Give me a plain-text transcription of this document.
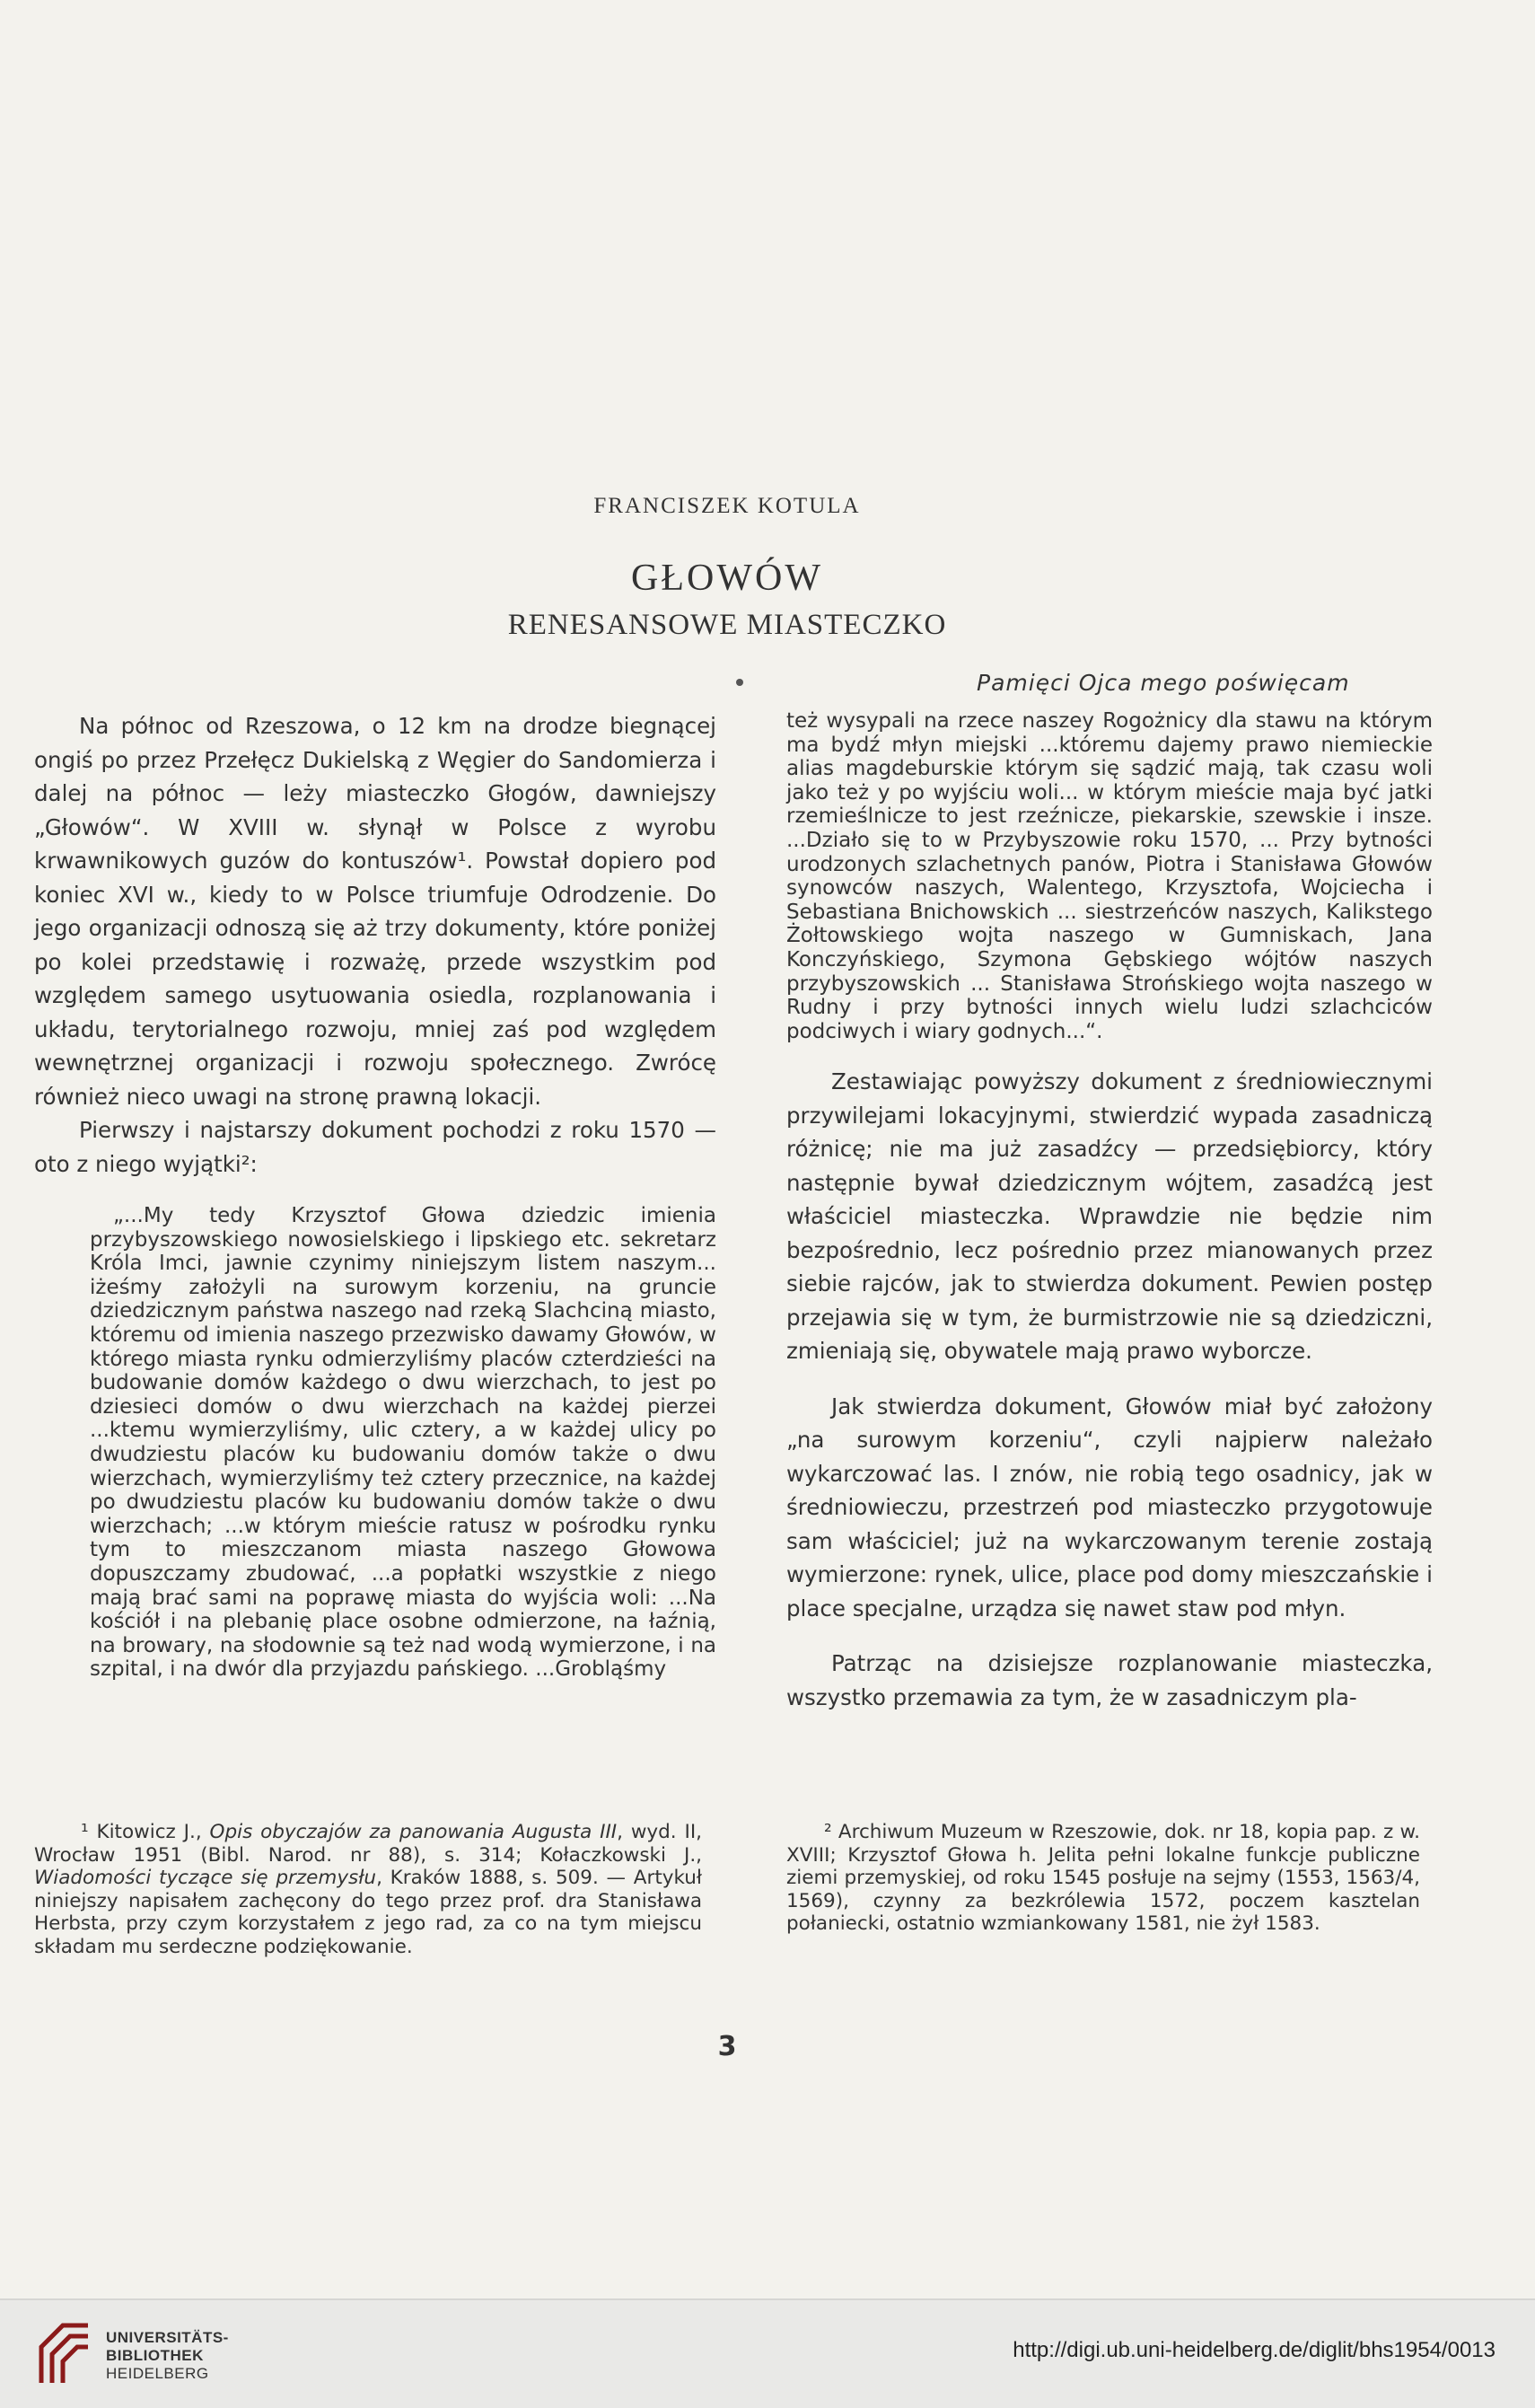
FRANCISZEK KOTULA
GŁOWÓW
RENESANSOWE MIASTECZKO
Pamięci Ojca mego poświęcam

Na północ od Rzeszowa, o 12 km na drodze biegnącej ongiś po przez Przełęcz Dukielską z Węgier do Sandomierza i dalej na północ — leży miasteczko Głogów, dawniejszy „Głowów“. W XVIII w. słynął w Polsce z wyrobu krwawnikowych guzów do kontuszów¹. Powstał dopiero pod koniec XVI w., kiedy to w Polsce triumfuje Odrodzenie. Do jego organizacji odnoszą się aż trzy dokumenty, które poniżej po kolei przedstawię i rozważę, przede wszystkim pod względem samego usytuowania osiedla, rozplanowania i układu, terytorialnego rozwoju, mniej zaś pod względem wewnętrznej organizacji i rozwoju społecznego. Zwrócę również nieco uwagi na stronę prawną lokacji.

Pierwszy i najstarszy dokument pochodzi z roku 1570 — oto z niego wyjątki²:

„...My tedy Krzysztof Głowa dziedzic imienia przybyszowskiego nowosielskiego i lipskiego etc. sekretarz Króla Imci, jawnie czynimy niniejszym listem naszym... iżeśmy założyli na surowym korzeniu, na gruncie dziedzicznym państwa naszego nad rzeką Slachciną miasto, któremu od imienia naszego przezwisko dawamy Głowów, w którego miasta rynku odmierzyliśmy placów czterdzieści na budowanie domów każdego o dwu wierzchach, to jest po dziesieci domów o dwu wierzchach na każdej pierzei ...ktemu wymierzyliśmy, ulic cztery, a w każdej ulicy po dwudziestu placów ku budowaniu domów także o dwu wierzchach, wymierzyliśmy też cztery przecznice, na każdej po dwudziestu placów ku budowaniu domów także o dwu wierzchach; ...w którym mieście ratusz w pośrodku rynku tym to mieszczanom miasta naszego Głowowa dopuszczamy zbudować, ...a popłatki wszystkie z niego mają brać sami na poprawę miasta do wyjścia woli: ...Na kościół i na plebanię place osobne odmierzone, na łaźnią, na browary, na słodownie są też nad wodą wymierzone, i na szpital, i na dwór dla przyjazdu pańskiego. ...Grobląśmy

też wysypali na rzece naszey Rogożnicy dla stawu na którym ma bydź młyn miejski ...któremu dajemy prawo niemieckie alias magdeburskie którym się sądzić mają, tak czasu woli jako też y po wyjściu woli... w którym mieście maja być jatki rzemieślnicze to jest rzeźnicze, piekarskie, szewskie i insze. ...Działo się to w Przybyszowie roku 1570, ... Przy bytności urodzonych szlachetnych panów, Piotra i Stanisława Głowów synowców naszych, Walentego, Krzysztofa, Wojciecha i Sebastiana Bnichowskich ... siestrzeńców naszych, Kalikstego Żołtowskiego wojta naszego w Gumniskach, Jana Konczyńskiego, Szymona Gębskiego wójtów naszych przybyszowskich ... Stanisława Strońskiego wojta naszego w Rudny i przy bytności innych wielu ludzi szlachciców podciwych i wiary godnych...“.

Zestawiając powyższy dokument z średniowiecznymi przywilejami lokacyjnymi, stwierdzić wypada zasadniczą różnicę; nie ma już zasadźcy — przedsiębiorcy, który następnie bywał dziedzicznym wójtem, zasadźcą jest właściciel miasteczka. Wprawdzie nie będzie nim bezpośrednio, lecz pośrednio przez mianowanych przez siebie rajców, jak to stwierdza dokument. Pewien postęp przejawia się w tym, że burmistrzowie nie są dziedziczni, zmieniają się, obywatele mają prawo wyborcze.

Jak stwierdza dokument, Głowów miał być założony „na surowym korzeniu“, czyli najpierw należało wykarczować las. I znów, nie robią tego osadnicy, jak w średniowieczu, przestrzeń pod miasteczko przygotowuje sam właściciel; już na wykarczowanym terenie zostają wymierzone: rynek, ulice, place pod domy mieszczańskie i place specjalne, urządza się nawet staw pod młyn.

Patrząc na dzisiejsze rozplanowanie miasteczka, wszystko przemawia za tym, że w zasadniczym pla-

¹ Kitowicz J., Opis obyczajów za panowania Augusta III, wyd. II, Wrocław 1951 (Bibl. Narod. nr 88), s. 314; Kołaczkowski J., Wiadomości tyczące się przemysłu, Kraków 1888, s. 509. — Artykuł niniejszy napisałem zachęcony do tego przez prof. dra Stanisława Herbsta, przy czym korzystałem z jego rad, za co na tym miejscu składam mu serdeczne podziękowanie.
² Archiwum Muzeum w Rzeszowie, dok. nr 18, kopia pap. z w. XVIII; Krzysztof Głowa h. Jelita pełni lokalne funkcje publiczne ziemi przemyskiej, od roku 1545 posłuje na sejmy (1553, 1563/4, 1569), czynny za bezkrólewia 1572, poczem kasztelan połaniecki, ostatnio wzmiankowany 1581, nie żył 1583.
3
UNIVERSITÄTS-
BIBLIOTHEK
HEIDELBERG
http://digi.ub.uni-heidelberg.de/diglit/bhs1954/0013
